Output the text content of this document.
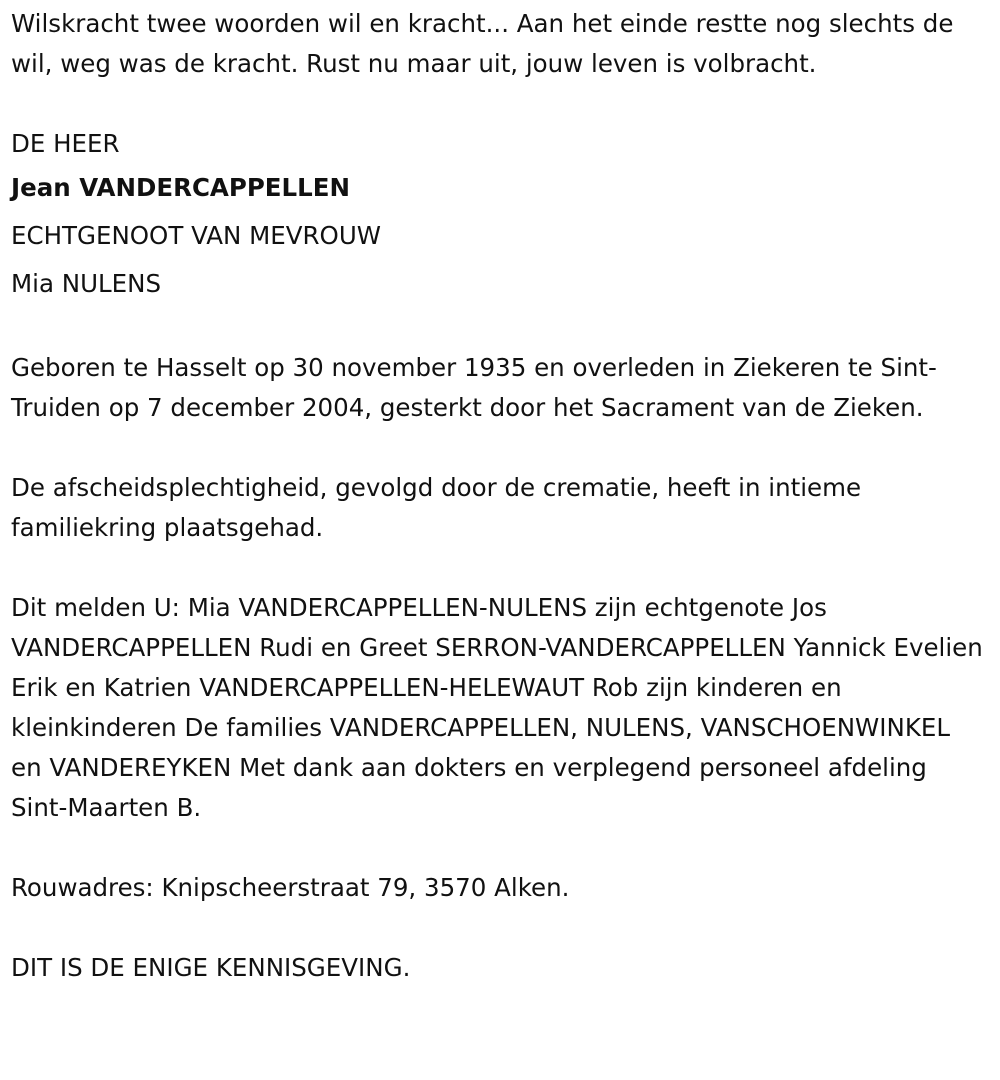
Wilskracht twee woorden wil en kracht... Aan het einde restte nog slechts de wil, weg was de kracht. Rust nu maar uit, jouw leven is volbracht.

DE HEER

Jean VANDERCAPPELLEN

ECHTGENOOT VAN MEVROUW

Mia NULENS

Geboren te Hasselt op 30 november 1935 en overleden in Ziekeren te Sint-Truiden op 7 december 2004, gesterkt door het Sacrament van de Zieken.

De afscheidsplechtigheid, gevolgd door de crematie, heeft in intieme familiekring plaatsgehad.

Dit melden U: Mia VANDERCAPPELLEN-NULENS zijn echtgenote Jos VANDERCAPPELLEN Rudi en Greet SERRON-VANDERCAPPELLEN Yannick Evelien Erik en Katrien VANDERCAPPELLEN-HELEWAUT Rob zijn kinderen en kleinkinderen De families VANDERCAPPELLEN, NULENS, VANSCHOENWINKEL en VANDEREYKEN Met dank aan dokters en verplegend personeel afdeling Sint-Maarten B.

Rouwadres: Knipscheerstraat 79, 3570 Alken.

DIT IS DE ENIGE KENNISGEVING.
